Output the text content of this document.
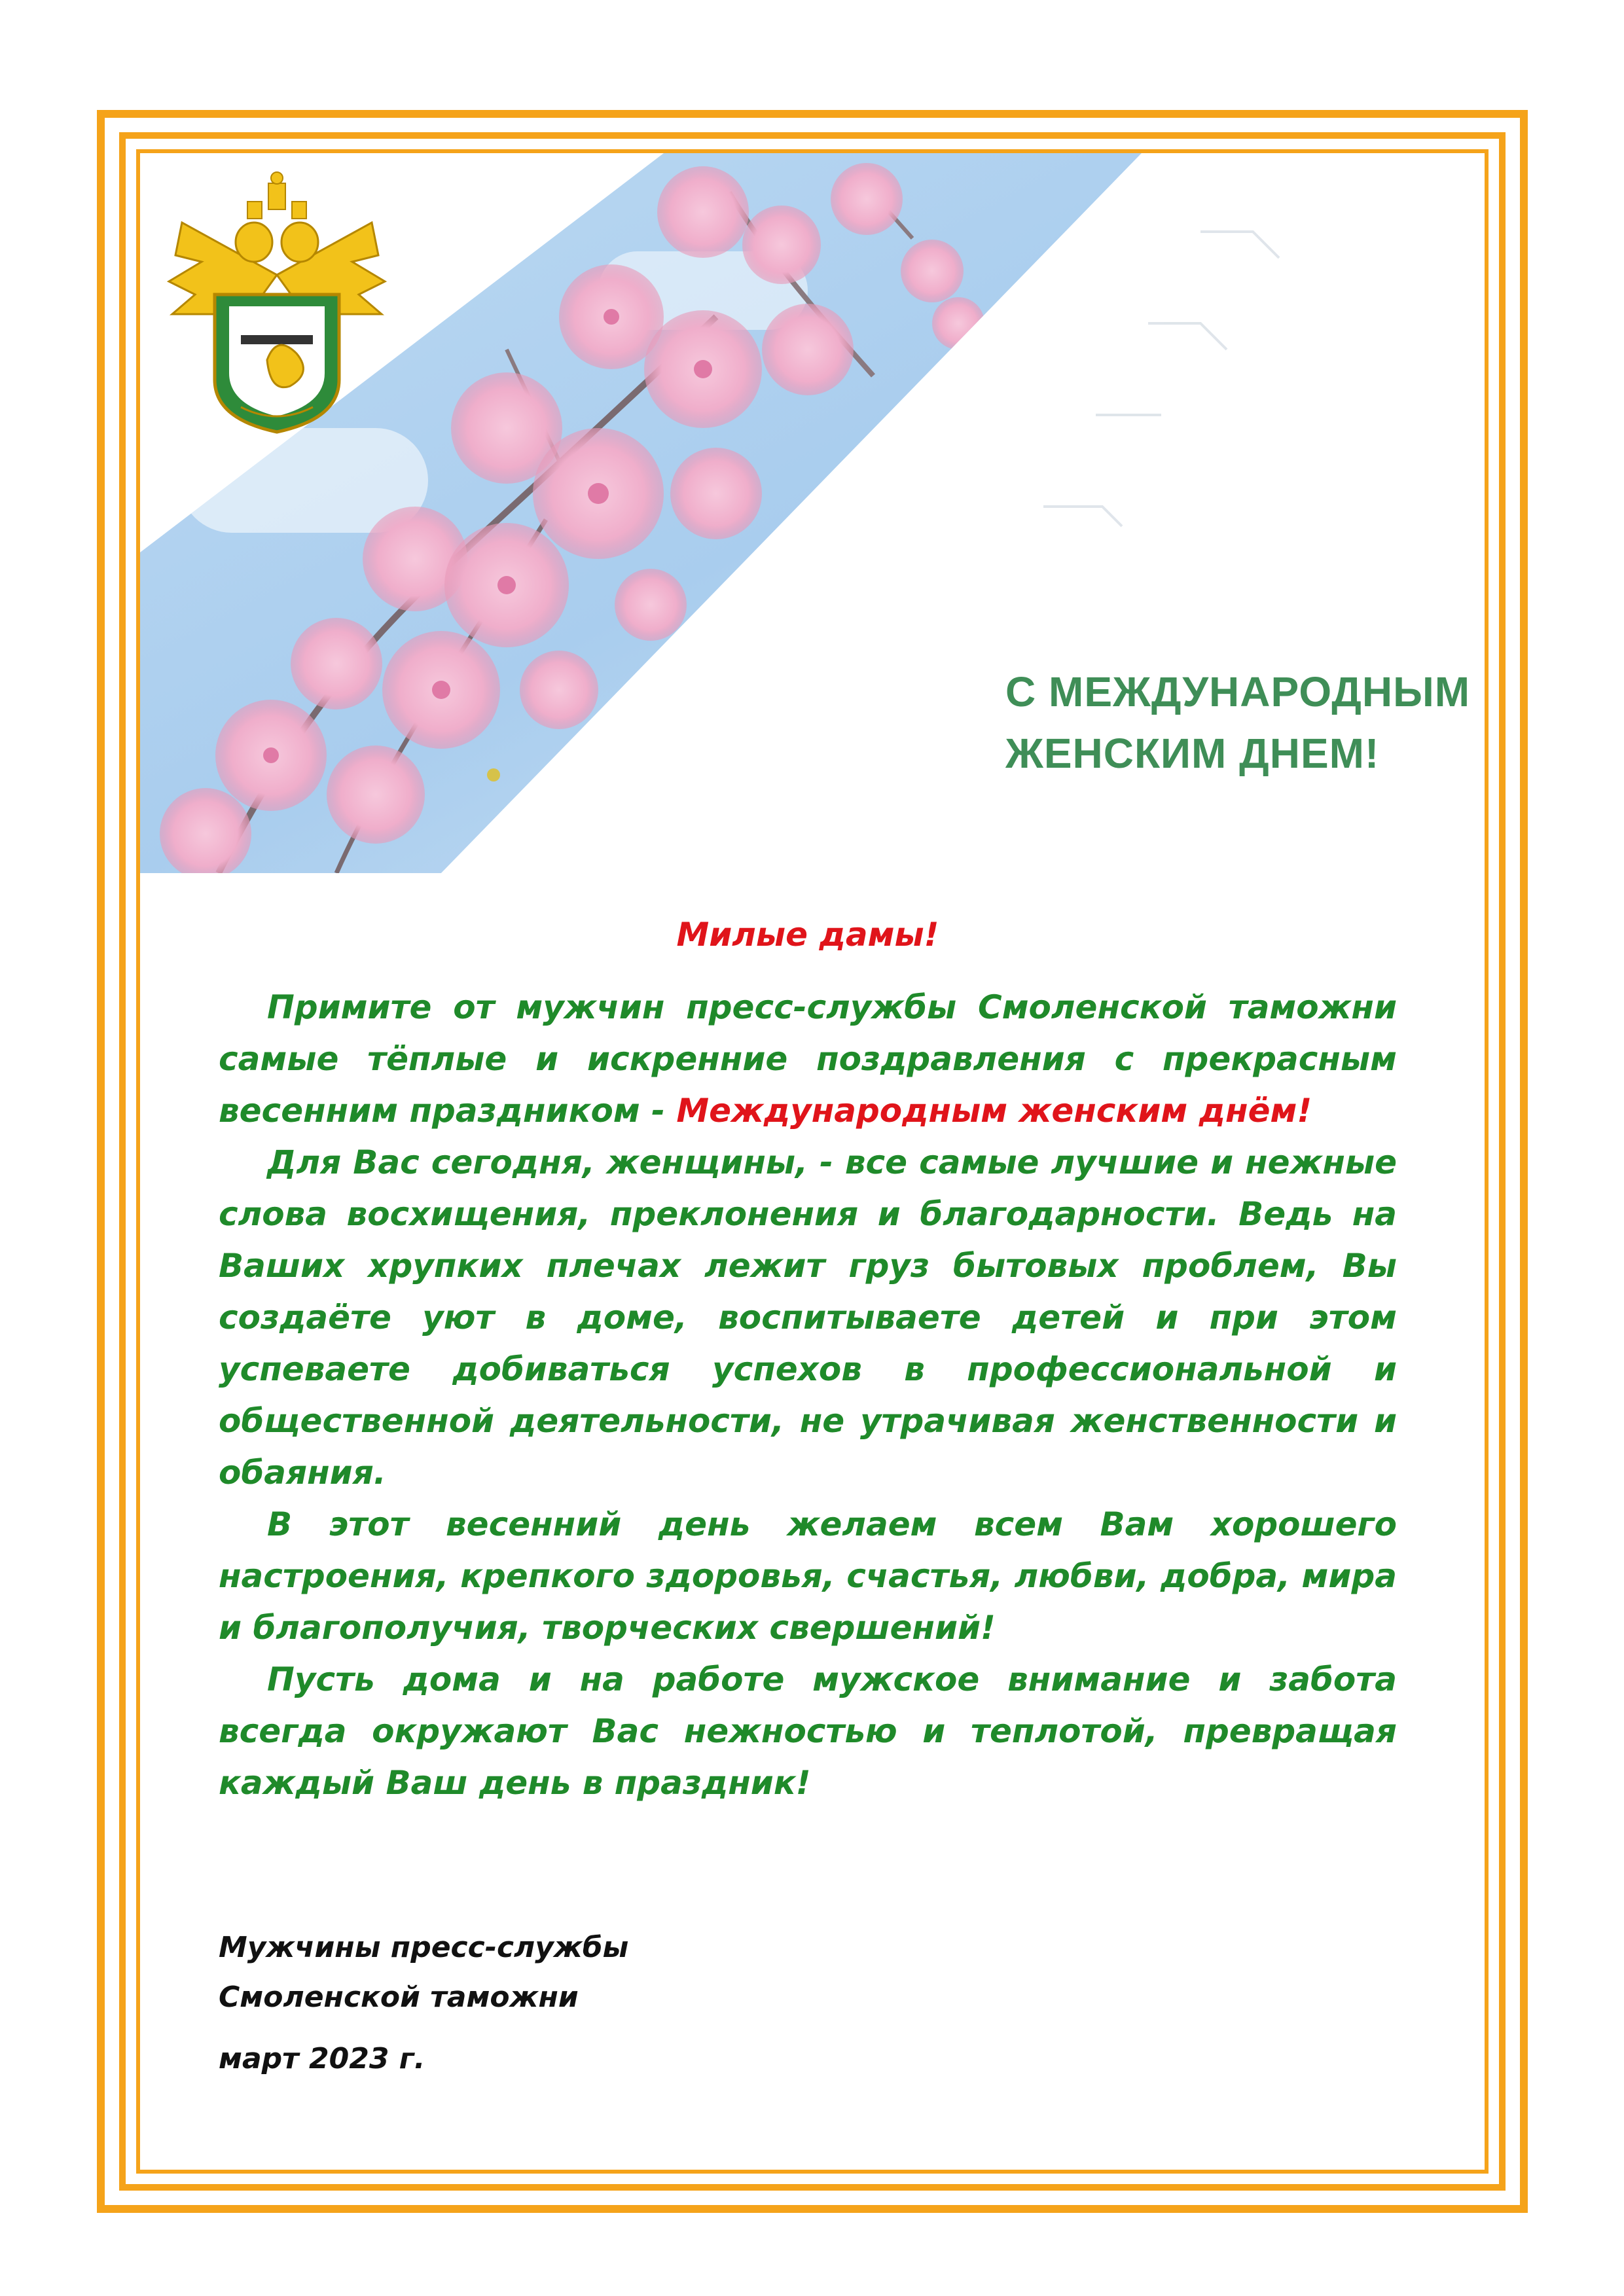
С МЕЖДУНАРОДНЫМ
ЖЕНСКИМ ДНЕМ!

Милые дамы!

Примите от мужчин пресс-службы Смоленской таможни самые тёплые и искренние поздравления с прекрасным весенним праздником - Международным женским днём!

Для Вас сегодня, женщины, - все самые лучшие и нежные слова восхищения, преклонения и благодарности. Ведь на Ваших хрупких плечах лежит груз бытовых проблем, Вы создаёте уют в доме, воспитываете детей и при этом успеваете добиваться успехов в профессиональной и общественной деятельности, не утрачивая женственности и обаяния.

В этот весенний день желаем всем Вам хорошего настроения, крепкого здоровья, счастья, любви, добра, мира и благополучия, творческих свершений!

Пусть дома и на работе мужское внимание и забота всегда окружают Вас нежностью и теплотой, превращая каждый Ваш день в праздник!

Мужчины пресс-службы
Смоленской таможни
март 2023 г.
